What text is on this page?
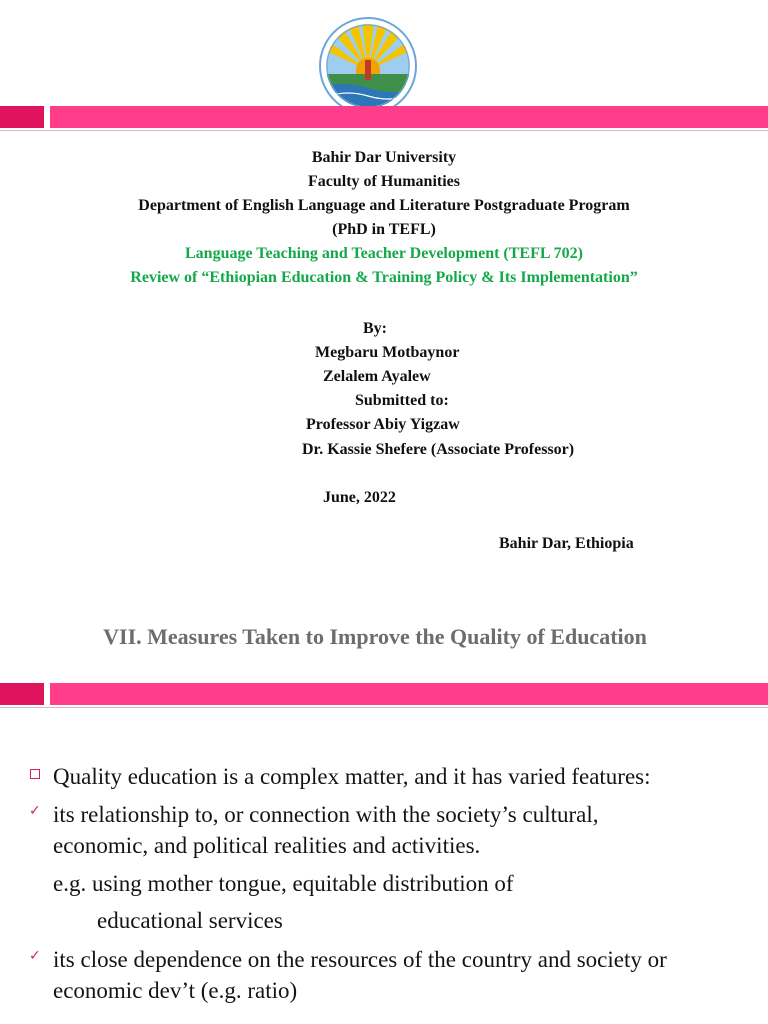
Bahir Dar University
Faculty of Humanities
Department of English Language and Literature Postgraduate Program
(PhD in TEFL)
Language Teaching and Teacher Development (TEFL 702)
Review of “Ethiopian Education & Training Policy & Its Implementation”
By:
Megbaru Motbaynor
Zelalem Ayalew
Submitted to:
Professor Abiy Yigzaw
Dr. Kassie Shefere (Associate Professor)
June, 2022
Bahir Dar, Ethiopia
VII. Measures Taken to Improve the Quality of Education
Quality education is a complex matter, and it has varied features:
✓ its relationship to, or connection with the society’s cultural,
economic, and political realities and activities.
e.g. using mother tongue, equitable distribution of
educational services
✓ its close dependence on the resources of the country and society or
economic dev’t (e.g. ratio)
